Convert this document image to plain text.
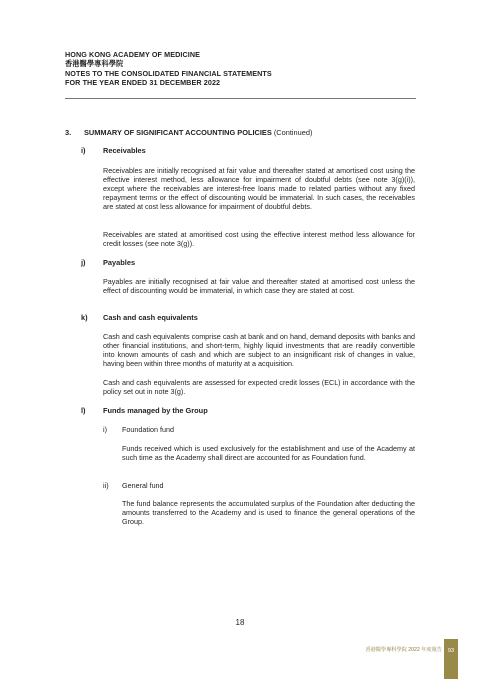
HONG KONG ACADEMY OF MEDICINE
香港醫學專科學院
NOTES TO THE CONSOLIDATED FINANCIAL STATEMENTS
FOR THE YEAR ENDED 31 DECEMBER 2022
3. SUMMARY OF SIGNIFICANT ACCOUNTING POLICIES (Continued)
i) Receivables
Receivables are initially recognised at fair value and thereafter stated at amortised cost using the effective interest method, less allowance for impairment of doubtful debts (see note 3(g)(i)), except where the receivables are interest-free loans made to related parties without any fixed repayment terms or the effect of discounting would be immaterial. In such cases, the receivables are stated at cost less allowance for impairment of doubtful debts.
Receivables are stated at amoritised cost using the effective interest method less allowance for credit losses (see note 3(g)).
j) Payables
Payables are initially recognised at fair value and thereafter stated at amortised cost unless the effect of discounting would be immaterial, in which case they are stated at cost.
k) Cash and cash equivalents
Cash and cash equivalents comprise cash at bank and on hand, demand deposits with banks and other financial institutions, and short-term, highly liquid investments that are readily convertible into known amounts of cash and which are subject to an insignificant risk of changes in value, having been within three months of maturity at a acquisition.
Cash and cash equivalents are assessed for expected credit losses (ECL) in accordance with the policy set out in note 3(g).
l) Funds managed by the Group
i) Foundation fund
Funds received which is used exclusively for the establishment and use of the Academy at such time as the Academy shall direct are accounted for as Foundation fund.
ii) General fund
The fund balance represents the accumulated surplus of the Foundation after deducting the amounts transferred to the Academy and is used to finance the general operations of the Group.
18
香港醫學專科學院 2022 年度報告	93
